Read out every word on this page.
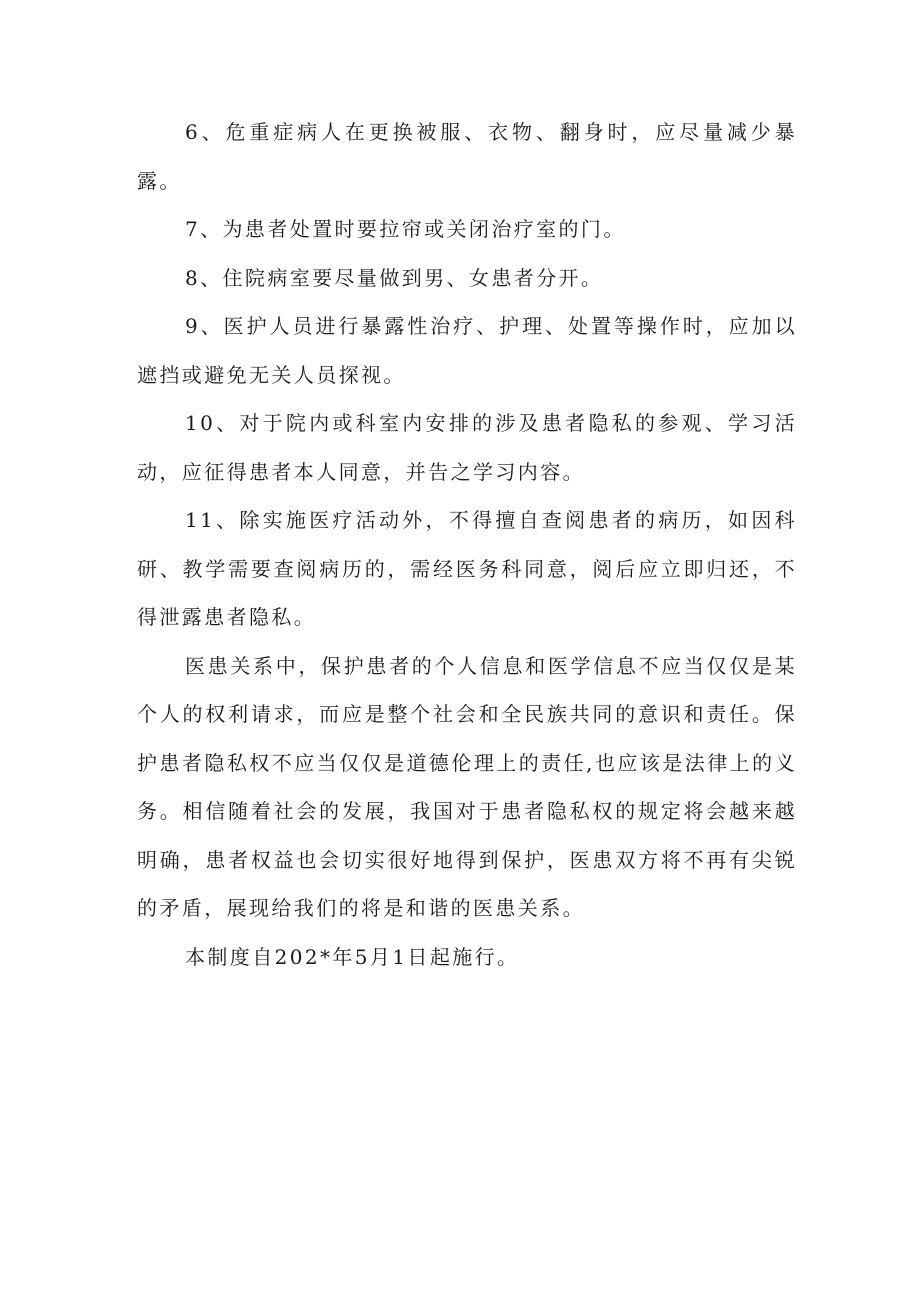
6、危重症病人在更换被服、衣物、翻身时，应尽量减少暴露。

7、为患者处置时要拉帘或关闭治疗室的门。

8、住院病室要尽量做到男、女患者分开。

9、医护人员进行暴露性治疗、护理、处置等操作时，应加以遮挡或避免无关人员探视。

10、对于院内或科室内安排的涉及患者隐私的参观、学习活动，应征得患者本人同意，并告之学习内容。

11、除实施医疗活动外，不得擅自查阅患者的病历，如因科研、教学需要查阅病历的，需经医务科同意，阅后应立即归还，不得泄露患者隐私。

医患关系中，保护患者的个人信息和医学信息不应当仅仅是某个人的权利请求，而应是整个社会和全民族共同的意识和责任。保护患者隐私权不应当仅仅是道德伦理上的责任,也应该是法律上的义务。相信随着社会的发展，我国对于患者隐私权的规定将会越来越明确，患者权益也会切实很好地得到保护，医患双方将不再有尖锐的矛盾，展现给我们的将是和谐的医患关系。

本制度自202*年5月1日起施行。
